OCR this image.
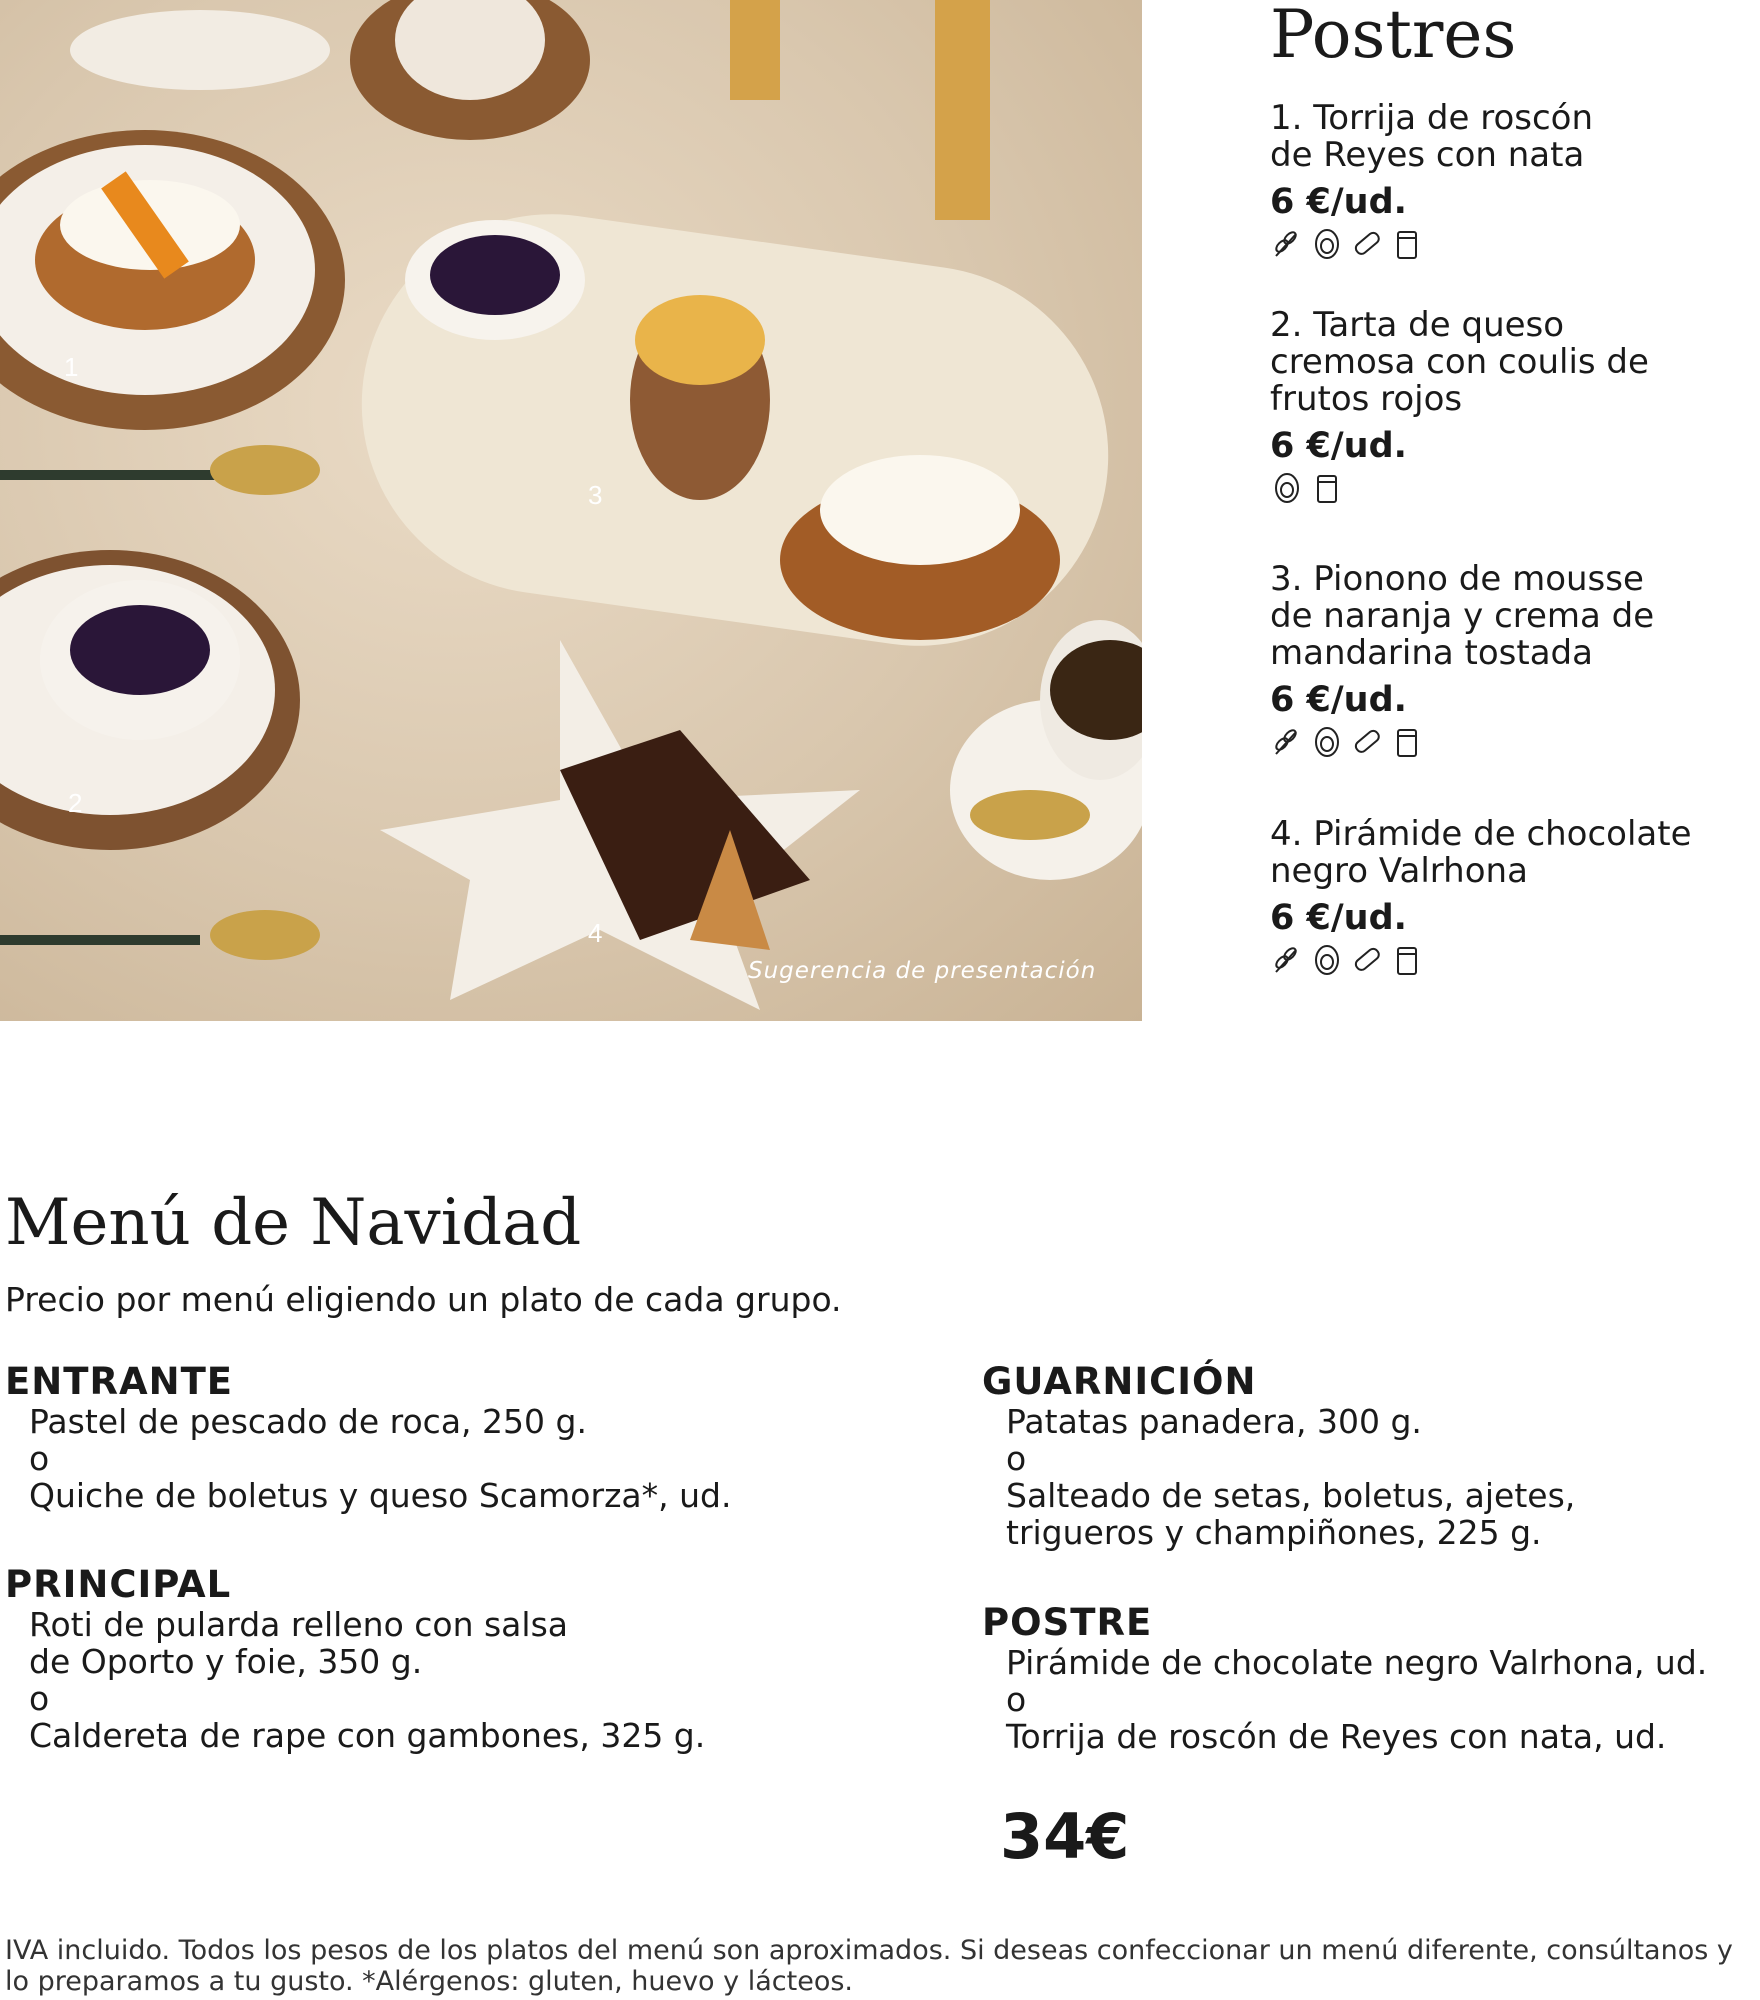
1
2
3
4
Sugerencia de presentación
Postres
1. Torrija de roscón
de Reyes con nata
6 €/ud.
2. Tarta de queso
cremosa con coulis de
frutos rojos
6 €/ud.
3. Piononо de mousse
de naranja y crema de
mandarina tostada
6 €/ud.
4. Pirámide de chocolate
negro Valrhona
6 €/ud.
Menú de Navidad
Precio por menú eligiendo un plato de cada grupo.
ENTRANTE
Pastel de pescado de roca, 250 g.
o
Quiche de boletus y queso Scamorza*, ud.
PRINCIPAL
Roti de pularda relleno con salsa
de Oporto y foie, 350 g.
o
Caldereta de rape con gambones, 325 g.
GUARNICIÓN
Patatas panadera, 300 g.
o
Salteado de setas, boletus, ajetes,
trigueros y champiñones, 225 g.
POSTRE
Pirámide de chocolate negro Valrhona, ud.
o
Torrija de roscón de Reyes con nata, ud.
34€
IVA incluido. Todos los pesos de los platos del menú son aproximados. Si deseas confeccionar un menú diferente, consúltanos y lo preparamos a tu gusto. *Alérgenos: gluten, huevo y lácteos.
